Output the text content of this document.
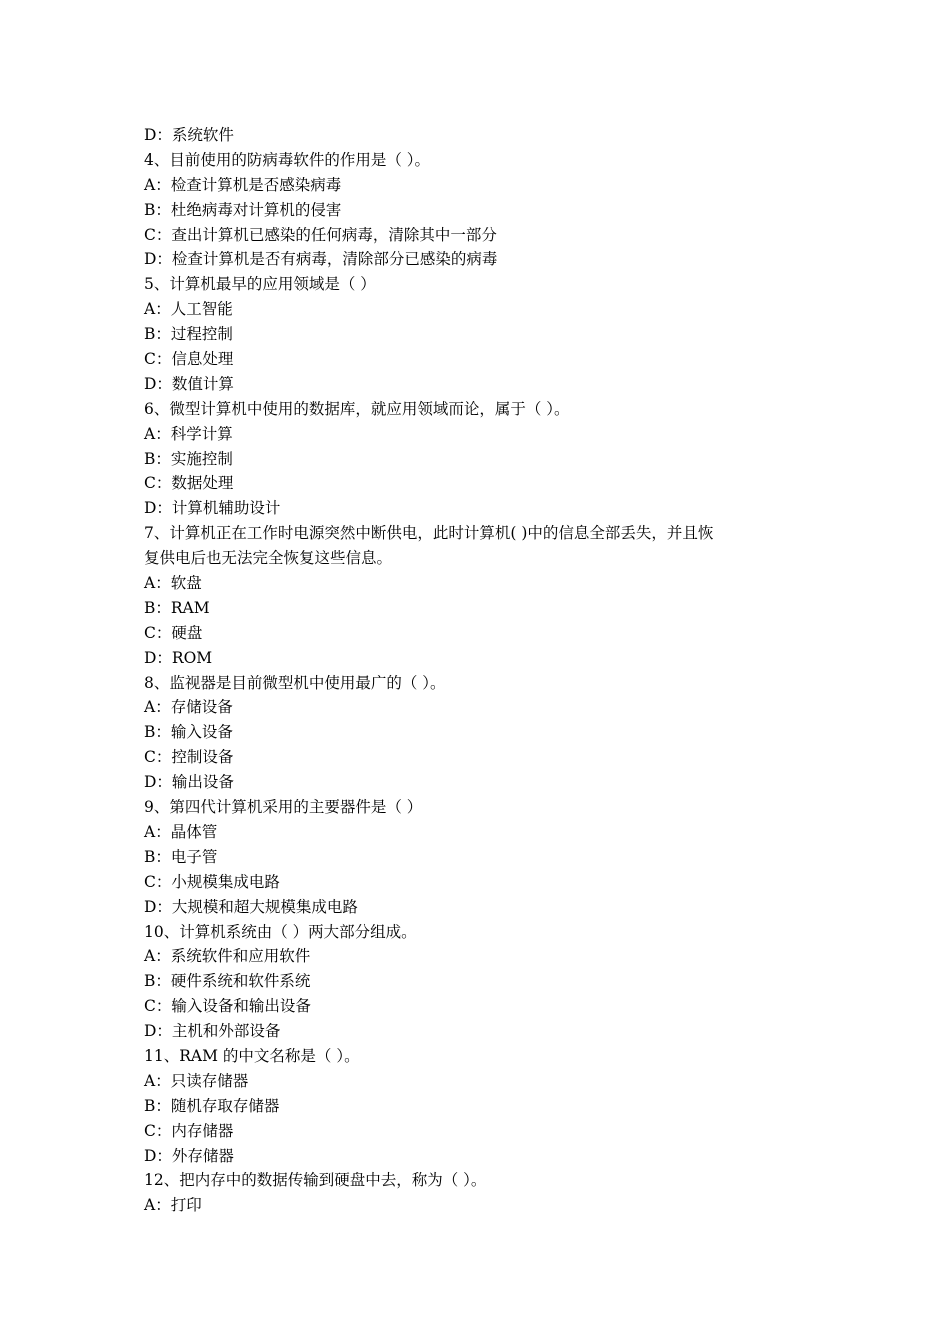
D：系统软件
4、目前使用的防病毒软件的作用是（ ）。
A：检查计算机是否感染病毒
B：杜绝病毒对计算机的侵害
C：查出计算机已感染的任何病毒，清除其中一部分
D：检查计算机是否有病毒，清除部分已感染的病毒
5、计算机最早的应用领域是（ ）
A：人工智能
B：过程控制
C：信息处理
D：数值计算
6、微型计算机中使用的数据库，就应用领域而论，属于（ ）。
A：科学计算
B：实施控制
C：数据处理
D：计算机辅助设计
7、计算机正在工作时电源突然中断供电，此时计算机( )中的信息全部丢失，并且恢
复供电后也无法完全恢复这些信息。
A：软盘
B：RAM
C：硬盘
D：ROM
8、监视器是目前微型机中使用最广的（ ）。
A：存储设备
B：输入设备
C：控制设备
D：输出设备
9、第四代计算机采用的主要器件是（ ）
A：晶体管
B：电子管
C：小规模集成电路
D：大规模和超大规模集成电路
10、计算机系统由（ ）两大部分组成。
A：系统软件和应用软件
B：硬件系统和软件系统
C：输入设备和输出设备
D：主机和外部设备
11、RAM 的中文名称是（ ）。
A：只读存储器
B：随机存取存储器
C：内存储器
D：外存储器
12、把内存中的数据传输到硬盘中去，称为（ ）。
A：打印
